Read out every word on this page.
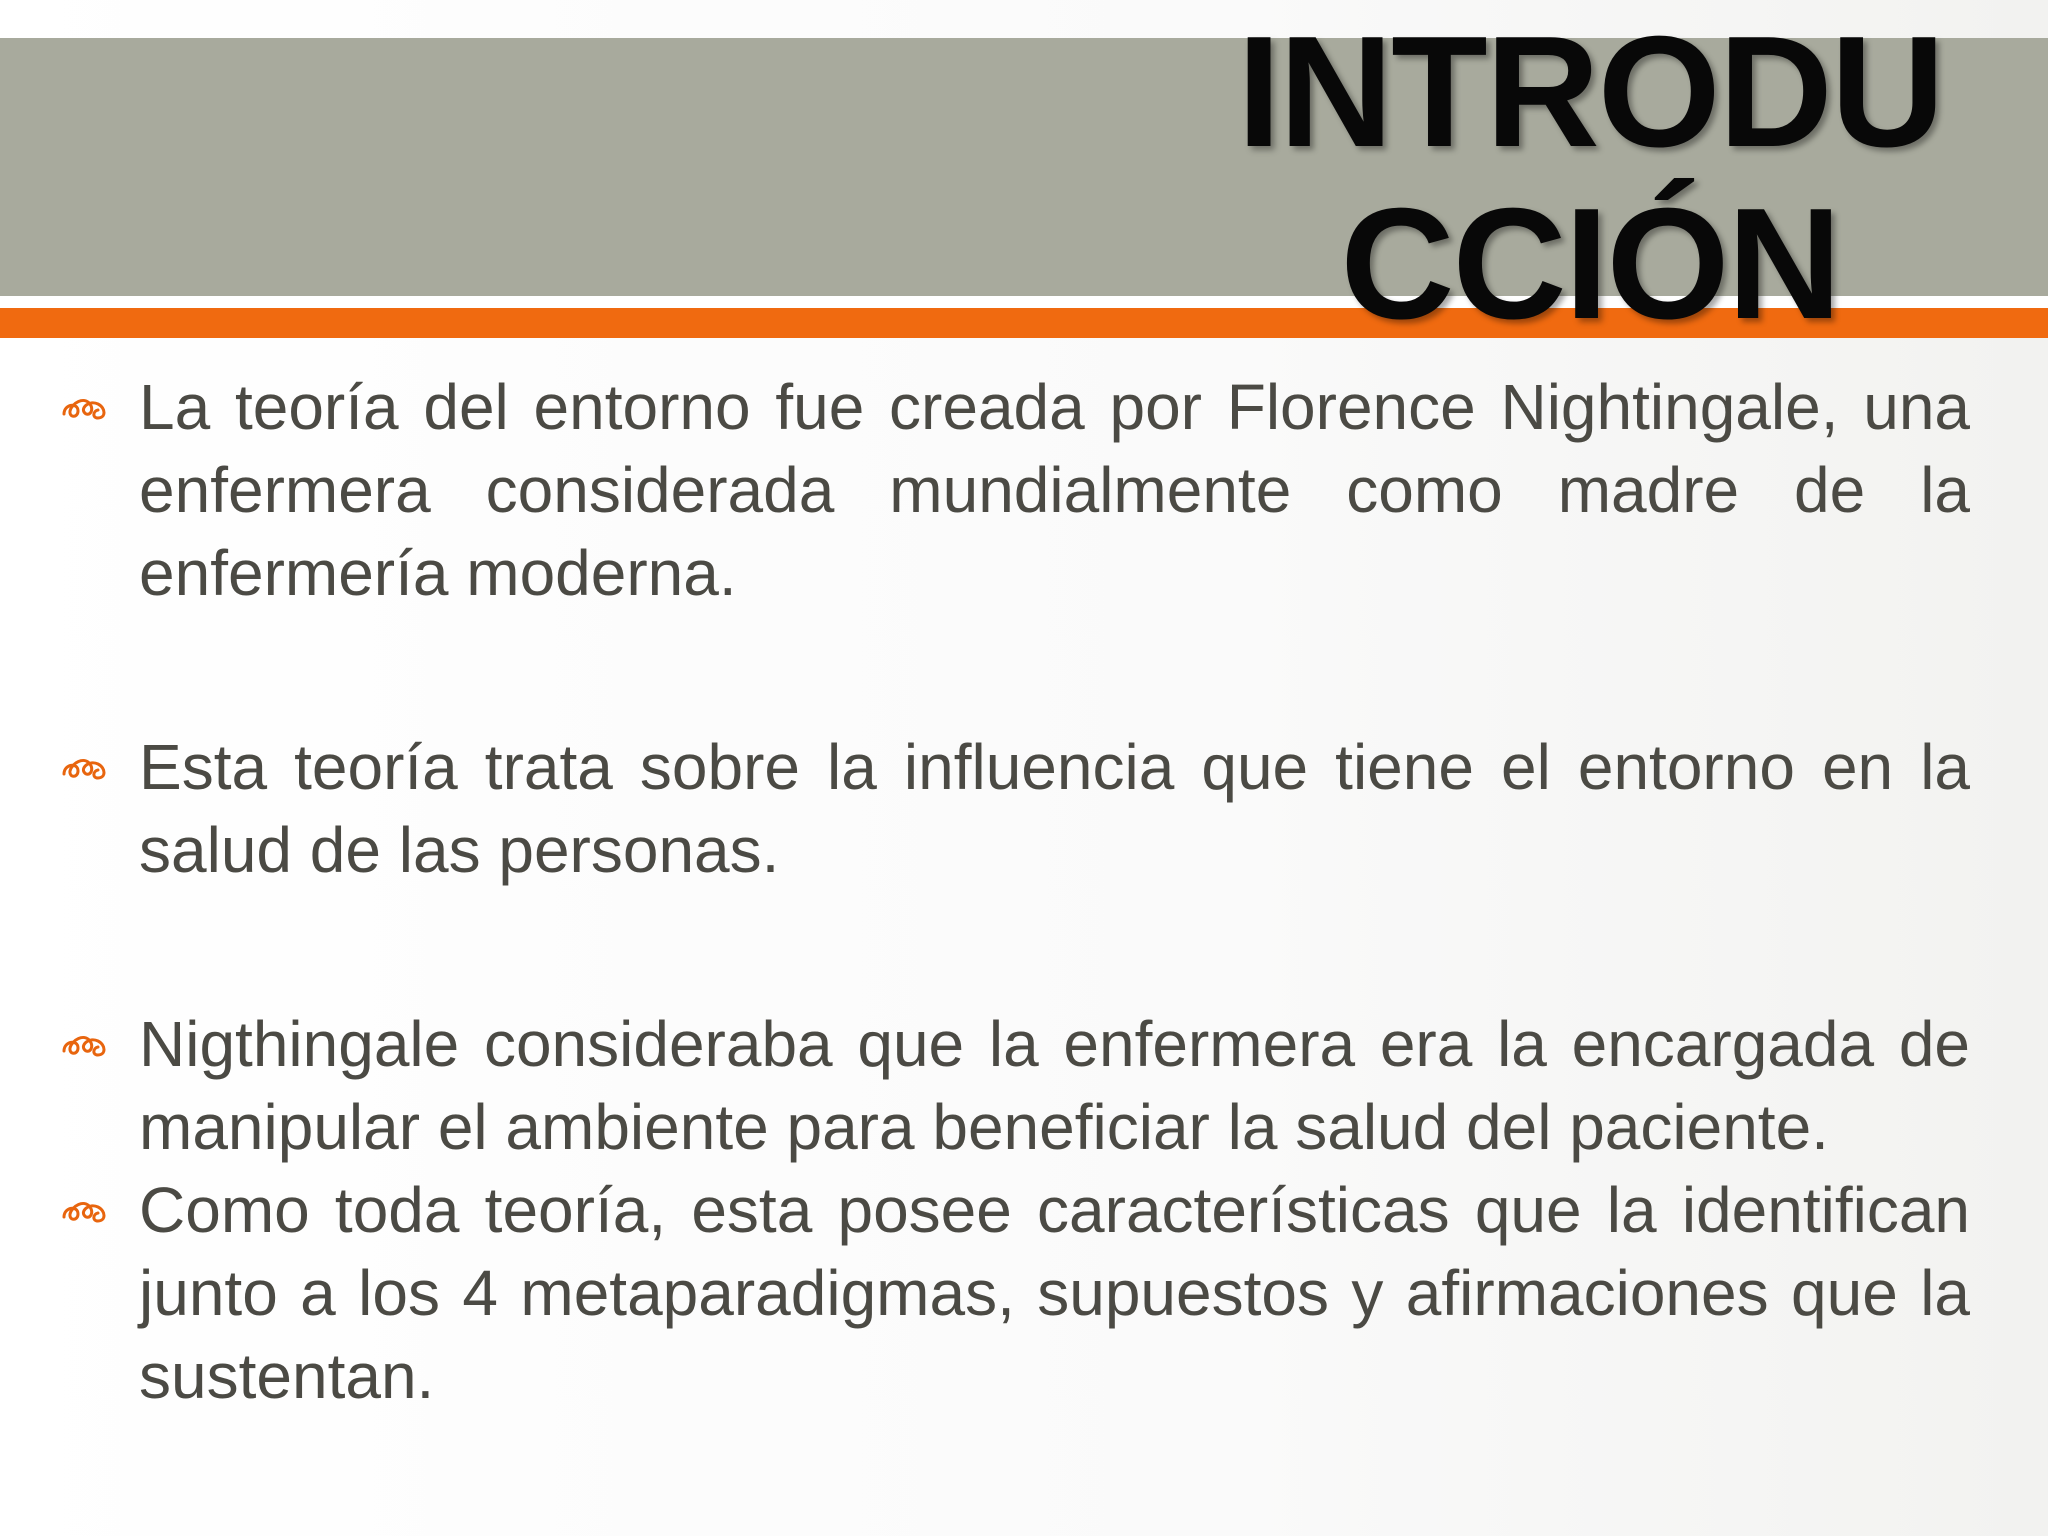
INTRODU
CCIÓN
La teoría del entorno fue creada por Florence Nightingale, una enfermera considerada mundialmente como madre de la enfermería moderna.
Esta teoría trata sobre la influencia que tiene el entorno en la salud de las personas.
Nigthingale consideraba que la enfermera era la encargada de manipular el ambiente para beneficiar la salud del paciente.
Como toda teoría, esta posee características que la identifican junto a los 4 metaparadigmas, supuestos y afirmaciones que la sustentan.
